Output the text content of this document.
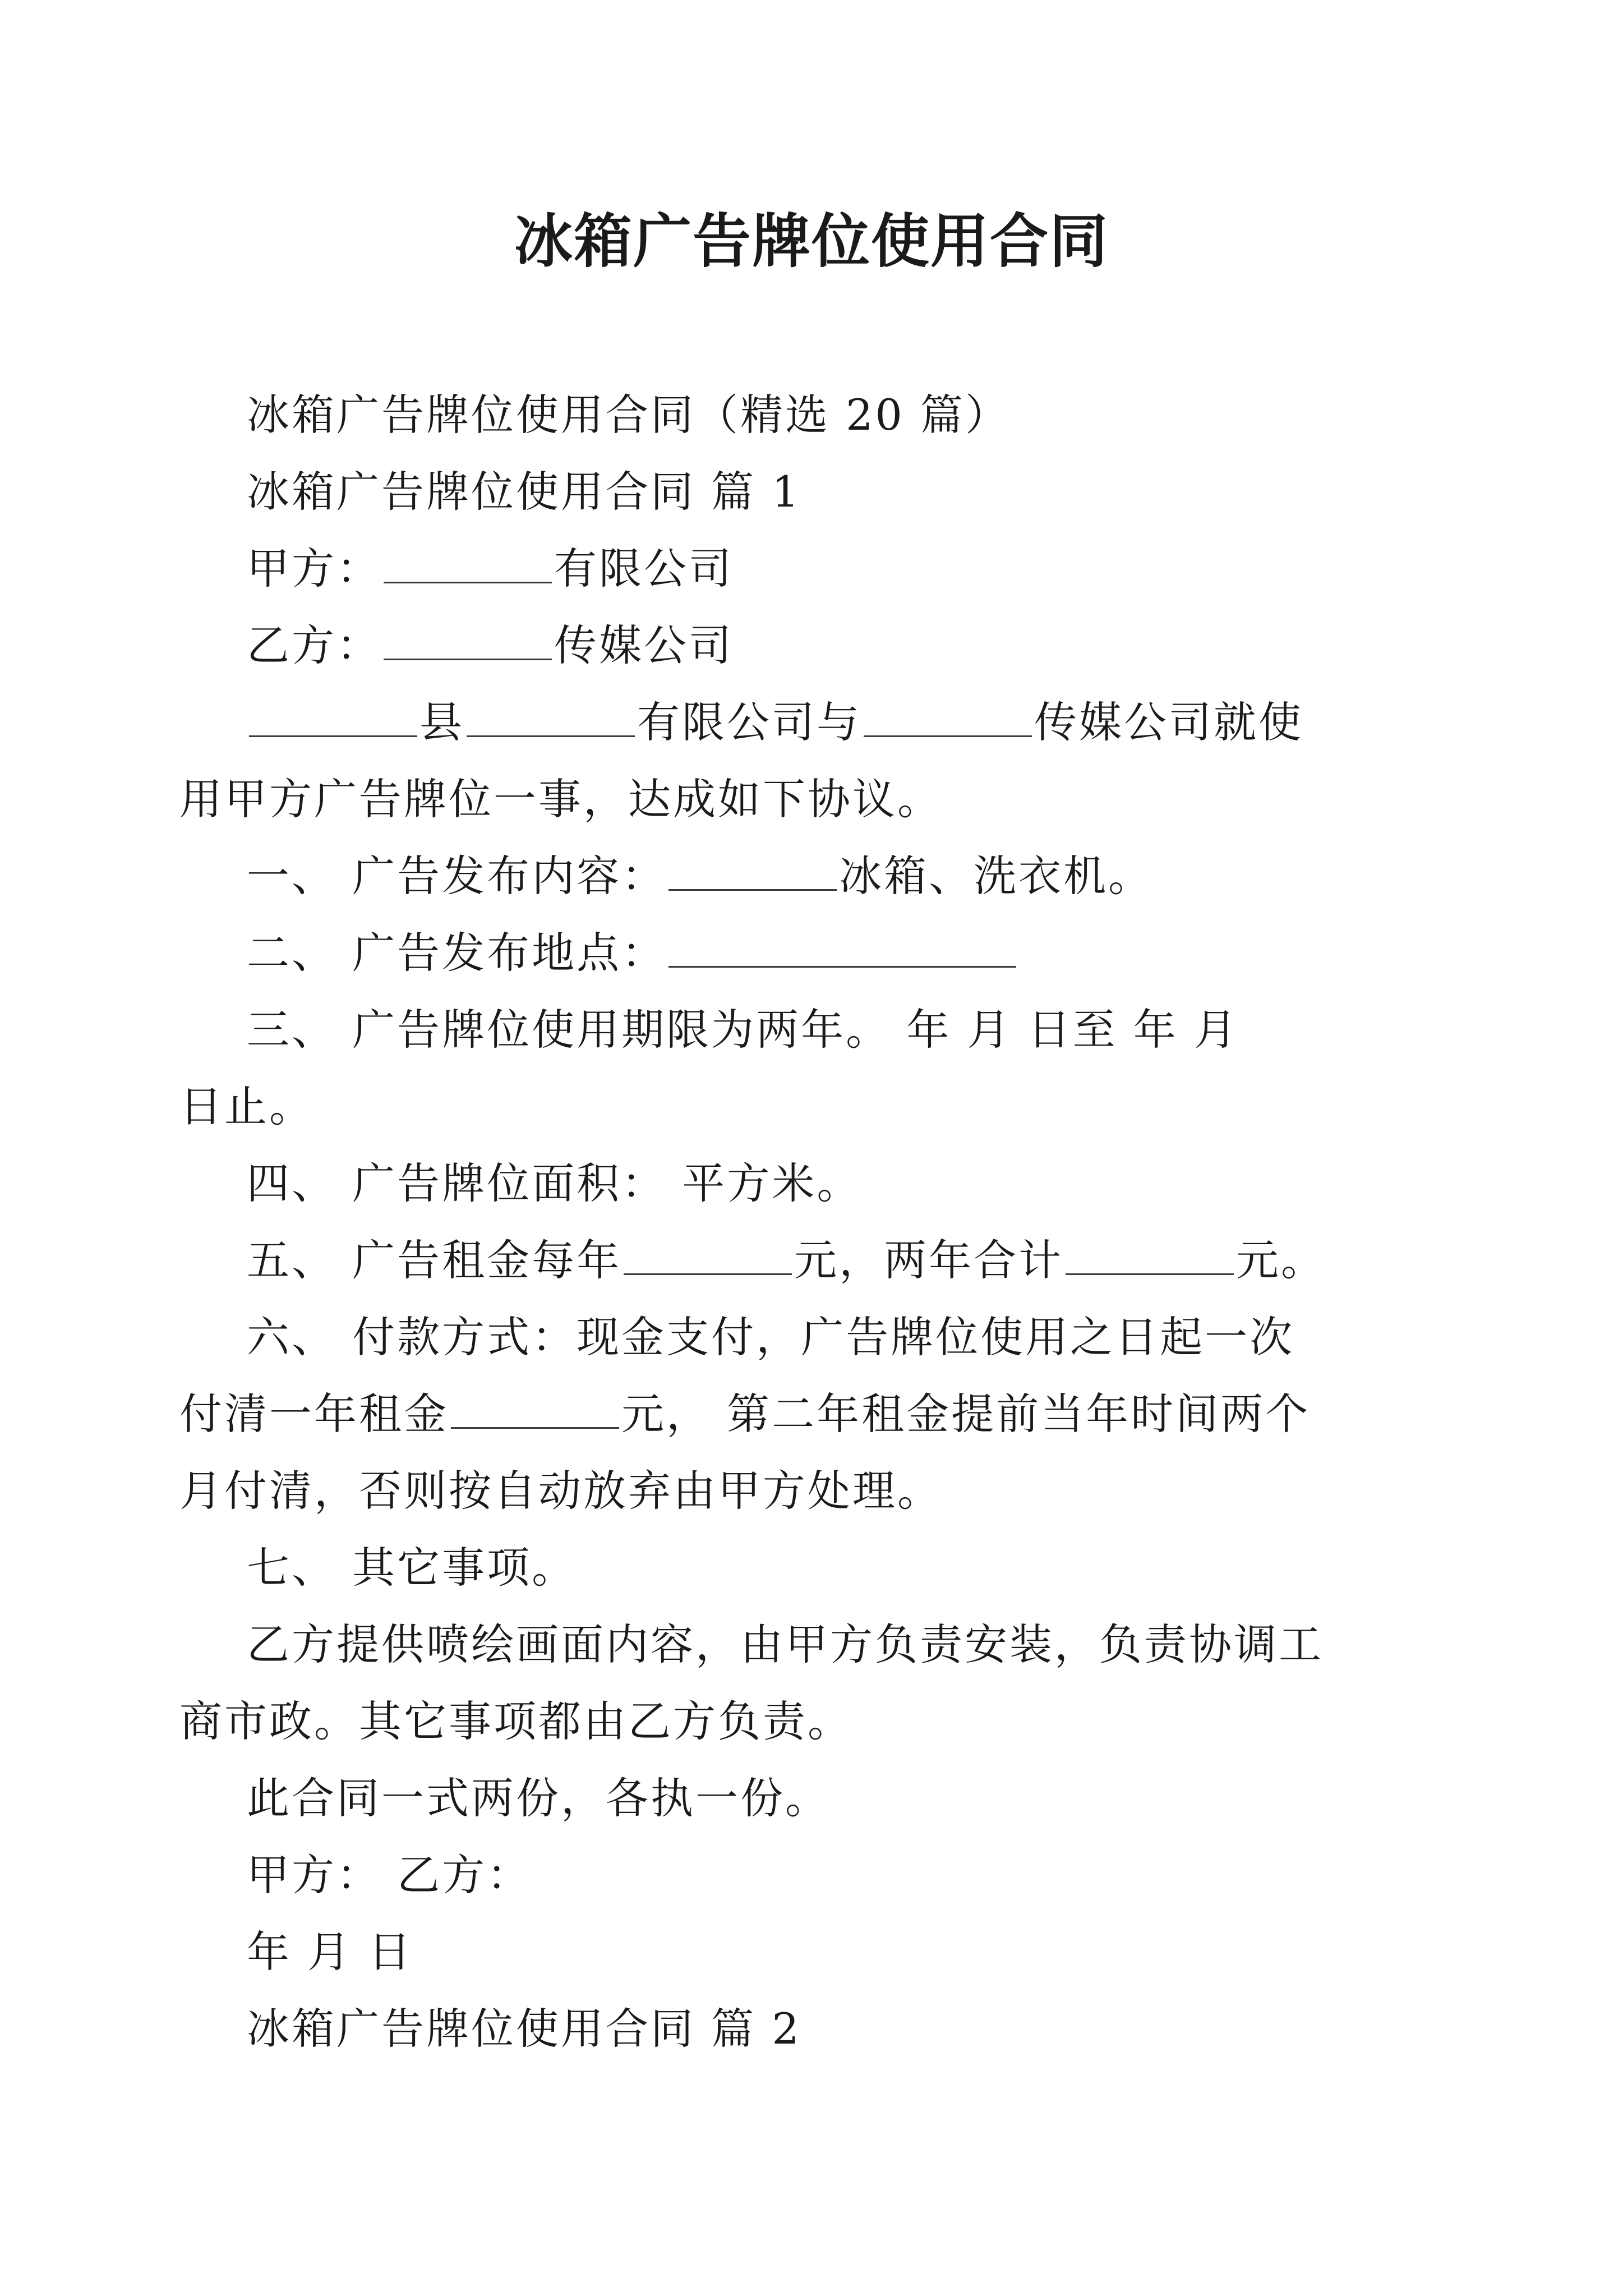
冰箱广告牌位使用合同
冰箱广告牌位使用合同（精选 20 篇）
冰箱广告牌位使用合同 篇 1
甲方：	有限公司
乙方：	传媒公司
县	有限公司与	传媒公司就使
用甲方广告牌位一事，达成如下协议。
一、 广告发布内容：	冰箱、洗衣机。
二、 广告发布地点：
三、 广告牌位使用期限为两年。 年 月 日至 年 月
日止。
四、 广告牌位面积： 平方米。
五、 广告租金每年	元，两年合计	元。
六、 付款方式：现金支付，广告牌位使用之日起一次
付清一年租金	元， 第二年租金提前当年时间两个
月付清，否则按自动放弃由甲方处理。
七、 其它事项。
乙方提供喷绘画面内容，由甲方负责安装，负责协调工
商市政。其它事项都由乙方负责。
此合同一式两份，各执一份。
甲方： 乙方：
年 月 日
冰箱广告牌位使用合同 篇 2
